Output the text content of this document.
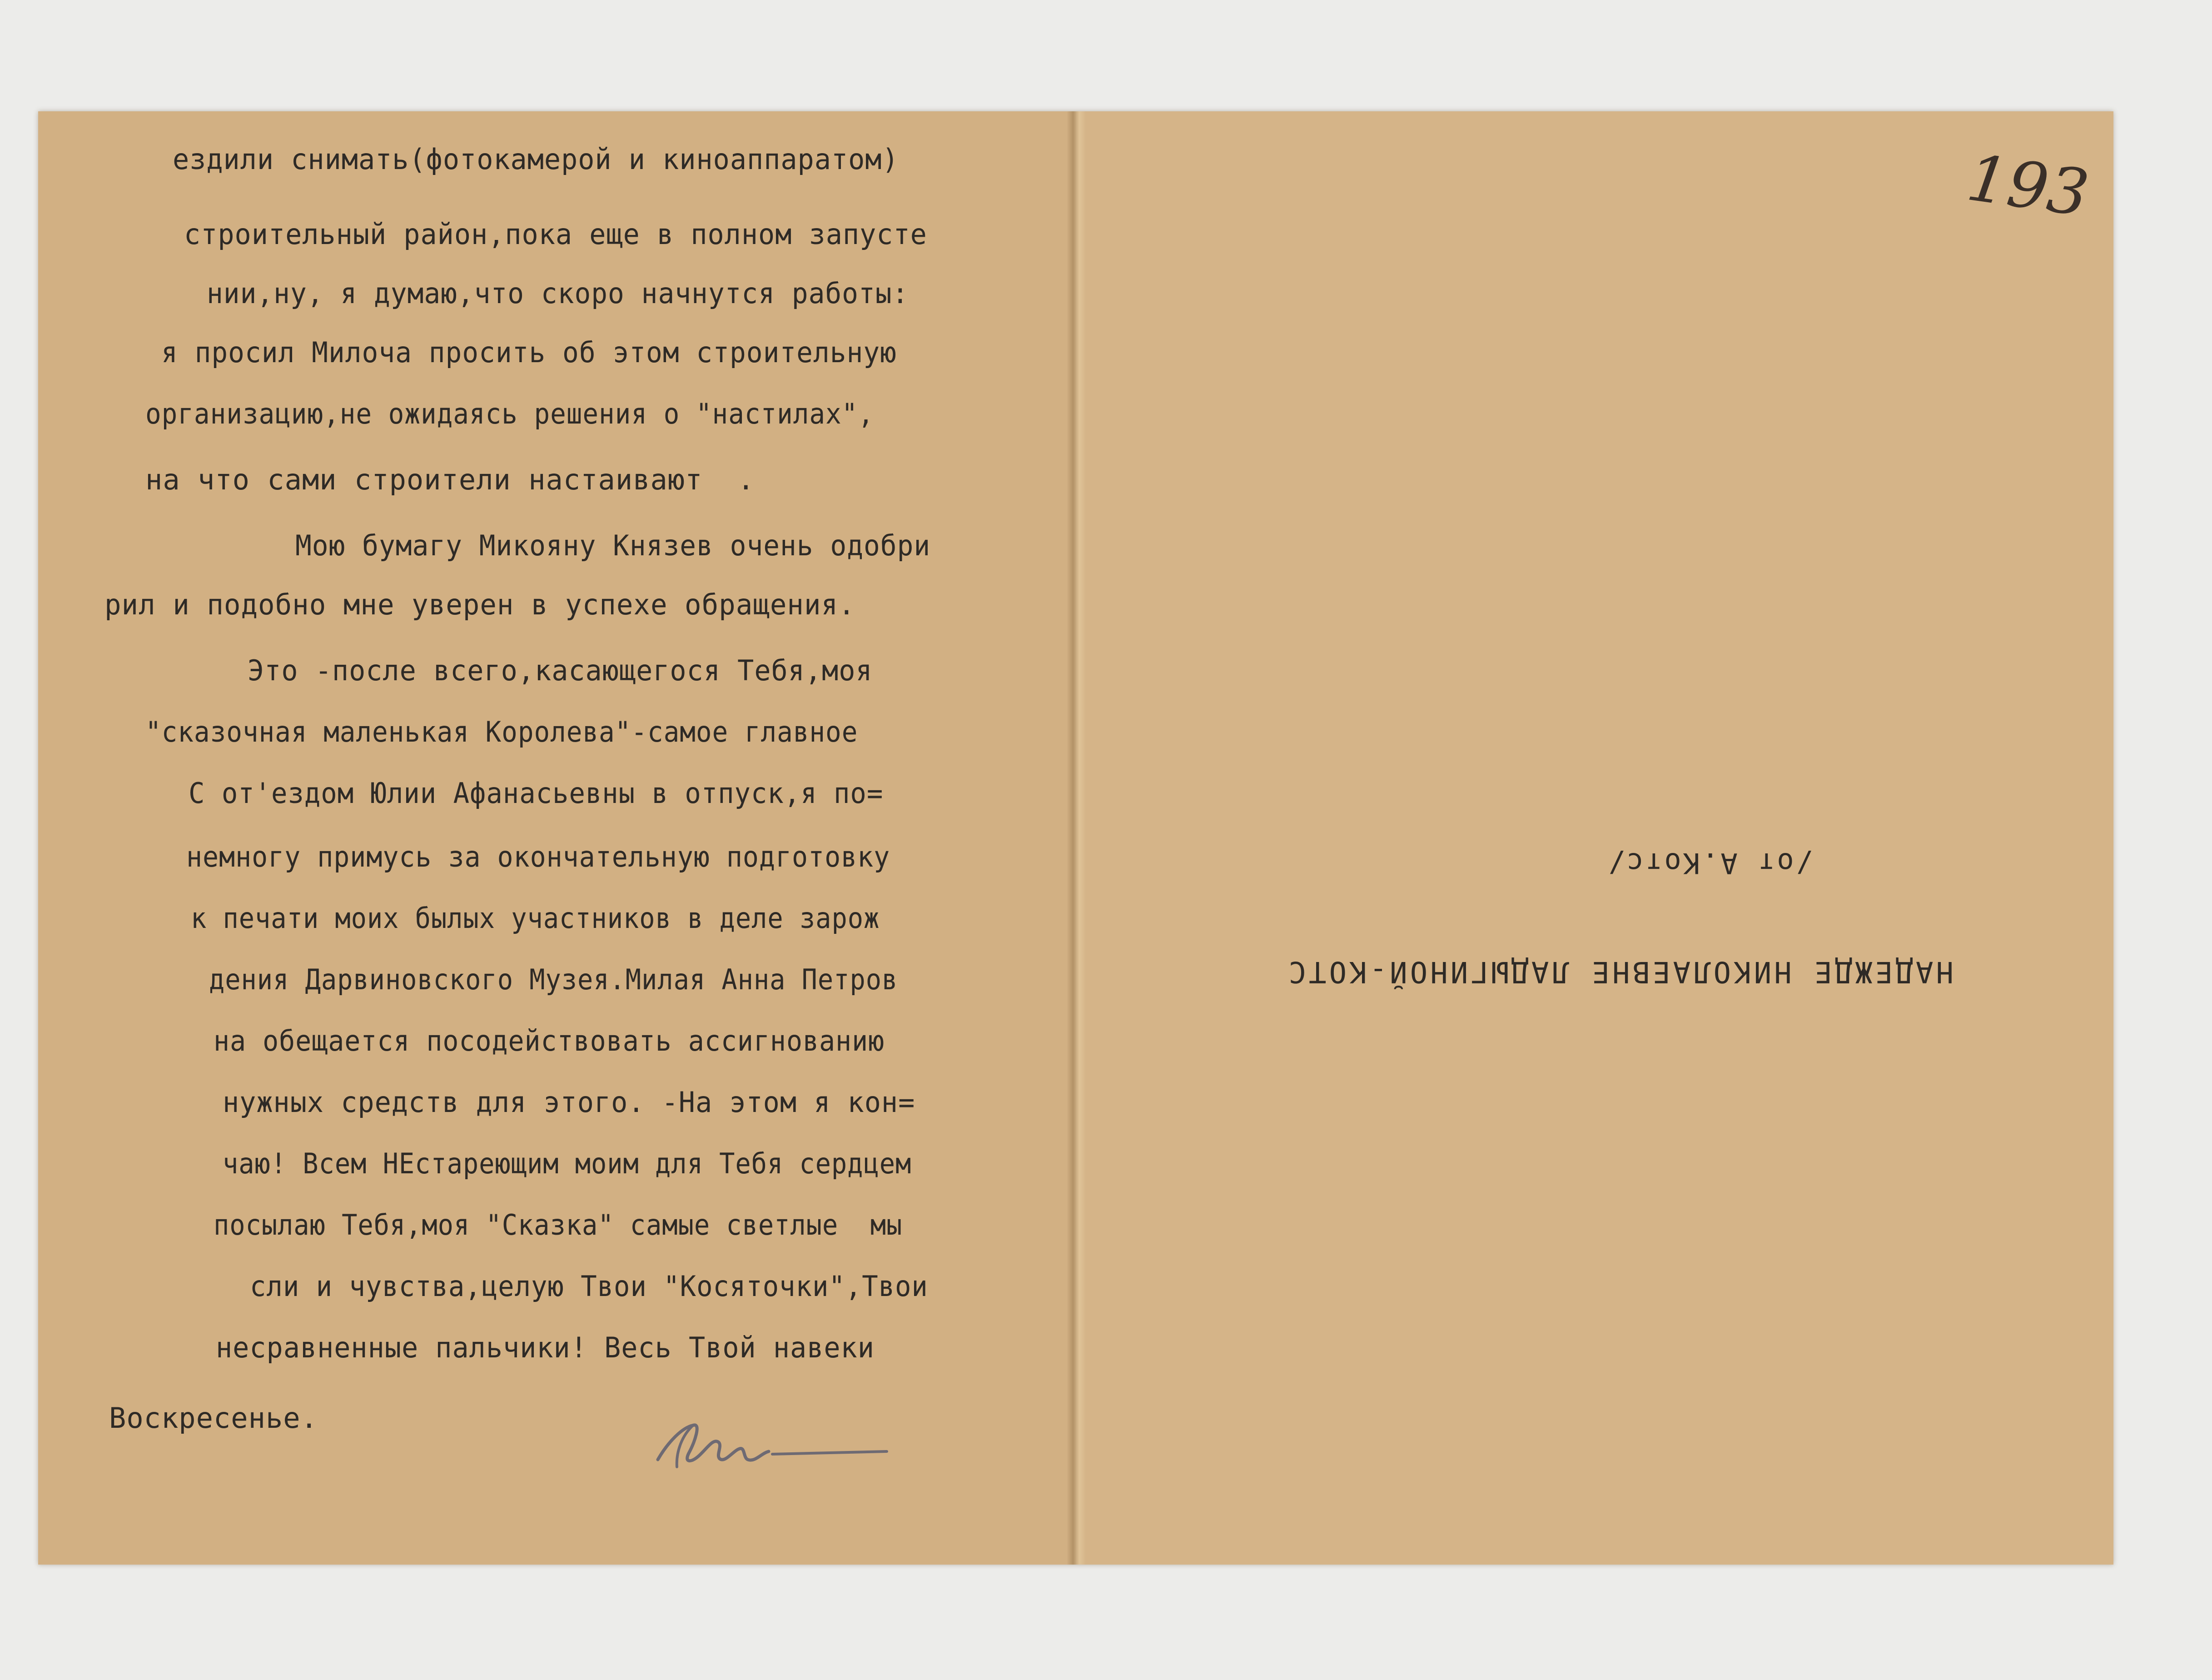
ездили снимать(фотокамерой и киноаппаратом)

строительный район,пока еще в полном запусте

нии,ну, я думаю,что скоро начнутся работы:

я просил Милоча просить об этом строительную

организацию,не ожидаясь решения о "настилах",

на что сами строители настаивают  .

Мою бумагу Микояну Князев очень одобри

рил и подобно мне уверен в успехе обращения.

Это -после всего,касающегося Тебя,моя

"сказочная маленькая Королева"-самое главное

С от'ездом Юлии Афанасьевны в отпуск,я по=

немногу примусь за окончательную подготовку

к печати моих былых участников в деле зарож

дения Дарвиновского Музея.Милая Анна Петров

на обещается посодействовать ассигнованию

нужных средств для этого. -На этом я кон=

чаю! Всем НЕстареющим моим для Тебя сердцем

посылаю Тебя,моя "Сказка" самые светлые  мы

сли и чувства,целую Твои "Косяточки",Твои

несравненные пальчики! Весь Твой навеки

Воскресенье.

193

НАДЕЖДЕ НИКОЛАЕВНЕ ЛАДЫГИНОЙ-КОТС

/от А.Котс/
